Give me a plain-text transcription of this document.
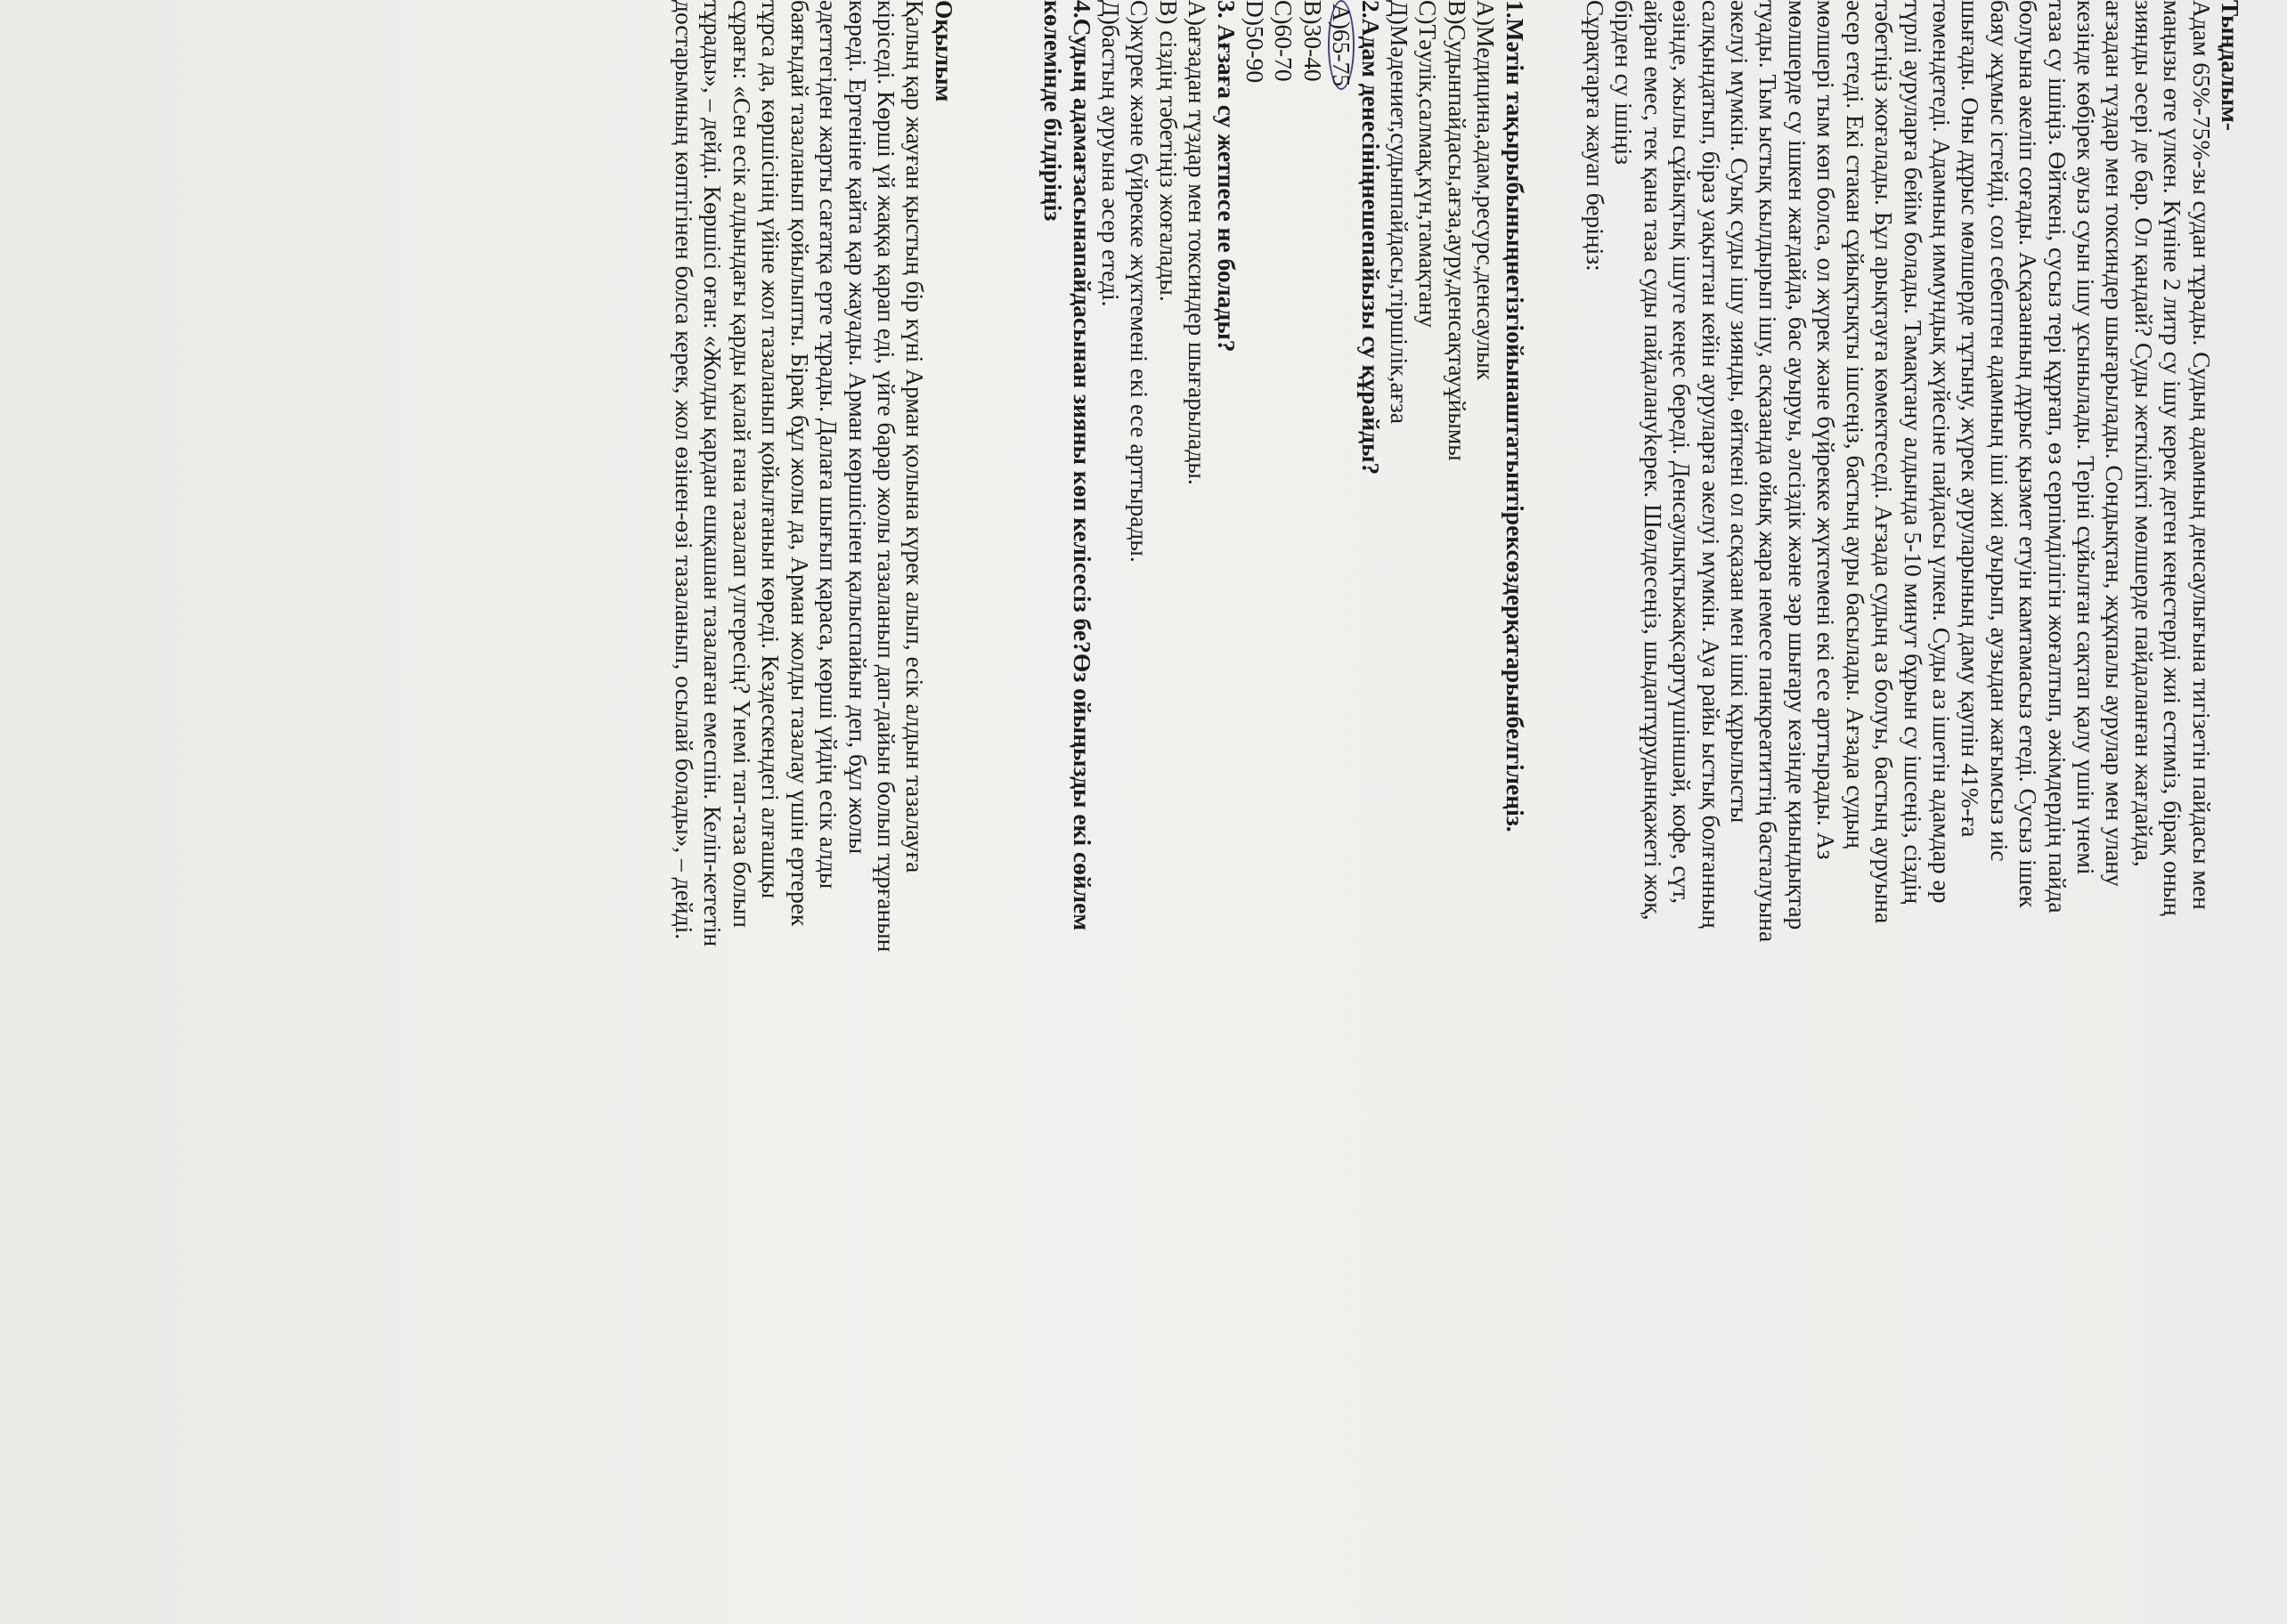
Тыңдалым-

Адам 65%-75%-зы судан тұрады. Судың адамның денсаулығына тигізетін пайдасы мен

маңызы өте үлкен. Күніне 2 литр су ішу керек деген кеңестерді жиі естиміз, бірақ оның

зиянды әсері де бар. Ол қандай? Суды жеткілікті мөлшерде пайдаланған жағдайда,

ағзадан түздар мен токсиндер шығарылады. Сондықтан, жұқпалы аурулар мен улану

кезінде көбірек ауыз суын ішу ұсынылады. Теріні сұйылған сақтап қалу үшін үнемі

таза су ішіңіз. Өйткені, сусыз тері құрғап, өз серпімділігін жоғалтып, әжімдердің пайда

болуына әкеліп соғады. Асқазанның дұрыс қызмет етуін камтамасыз етеді. Сусыз ішек

баяу жұмыс істейді, сол себептен адамның іші жиі ауырып, аузыдан жағымсыз иіс

шығады. Оны дұрыс мөлшерде тұтыну, жүрек ауруларының даму қаупін 41%-ға

төмендетеді. Адамның иммундық жүйесіне пайдасы үлкен. Суды аз ішетін адамдар әр

түрлі ауруларға бейім болады. Тамақтану алдында 5-10 минут бұрын су ішсеңіз, сіздің

тәбетіңіз жоғалады. Бұл арықтауға көмектеседі. Ағзада судың аз болуы, бастың ауруына

әсер етеді. Екі стакан сұйықтықты ішсеңіз, бастың ауры басылады. Ағзада судың

мөлшері тым көп болса, ол жүрек және бүйрекке жүктемені екі есе арттырады. Аз

мөлшерде су ішкен жағдайда, бас ауыруы, әлсіздік және зәр шығару кезінде қиындықтар

туады. Тым ыстық кылдырып ішу, асқазанда ойық жара немесе панкреатиттің басталуына

әкелуі мүмкін. Суық суды ішу зиянды, өйткені ол асқазан мен ішкі құрылысты

салқындатып, біраз уақыттан кейін ауруларға әкелуі мүмкін. Ауа райы ыстық болғанның

өзінде, жылы сұйықтық ішуге кеңес береді. Денсаулықтыжақсартуүшіншәй, кофе, сүт,

айран емес, тек қана таза суды пайдалануkерек. Шөлдесеңіз, шыдаптұрудынқажеті жоқ,

бірден су ішіңіз

Сұрақтарға жауап беріңіз:

1.Мәтін тақырыбыныңнегізгiойынаштатынтірексөздерқатарынбелгілеңіз.

А)Медицина,адам,ресурс,денсаулык

В)Судынпайдасы,ағза,ауру,денсақтауұйымы

С)Тәулік,салмақ,күн,тамақтану

Д)Мәдениет,судынпайдасы,тіршілік,ағза

2.Адам денесініңнешепайызы су құрайды?

А)65-75

В)30-40

С)60-70

D)50-90

3. Ағзаға су жетпесе не болады?

А)ағзадан түздар мен токсиндер шығарылады.

В) сіздің тәбетіңіз жоғалады.

С)жүрек және бүйрекке жүктемені екі есе арттырады.

Д)бастың ауруына әсер етеді.

4.Судың адамағзасынапайдасынан зияны көп келісесіз бе?Өз ойыңызды екі сөйлем

көлемінде білдіріңіз

Оқылым

Қалың қар жауған қыстың бір күні Арман қолына күрек алып, есік алдын тазалауға

кіріседі. Көрші үй жаққа қарап еді, үйге барар жолы тазаланып дап-дайын болып тұрғанын

көреді. Ертеніне қайта қар жауады. Арман көршісінен қалыспайын деп, бұл жолы

әдеттегіден жарты сағатқа ерте тұрады. Далаға шығып қараса, көрші үйдің есік алды

баяғыдай тазаланып қойылыпты. Бірақ бұл жолы да, Арман жолды тазалау үшін ертерек

тұрса да, көршісінің үйіне жол тазаланып қойылғанын көреді. Кездескендегі алғашқы

сұрағы: «Сен есік алдындағы қарды қалай ғана тазалап үлгересің? Үнемі тап-таза болып

тұрады», – дейді. Көршісі оған: «Жолды қардан ешқашан тазалаған емеспін. Келіп-кететін

достарымның көптігінен болса керек, жол өзінен-өзі тазаланып, осылай болады», – дейді.
